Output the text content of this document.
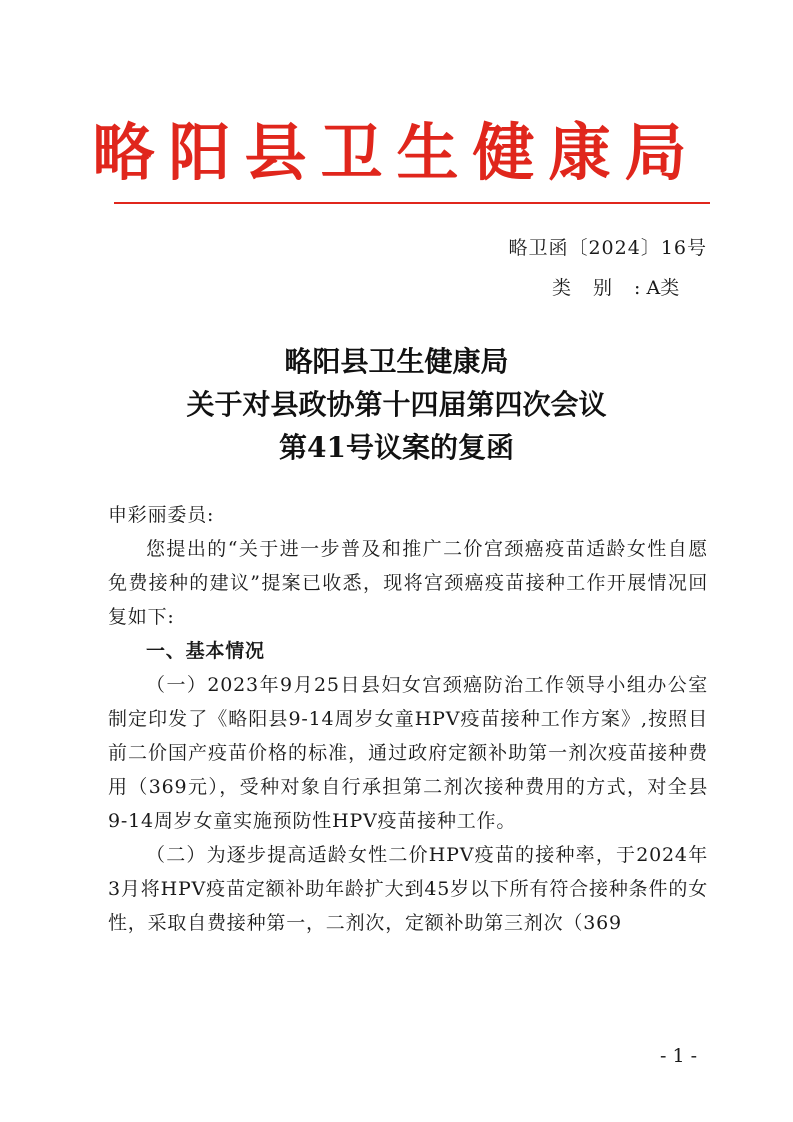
略阳县卫生健康局
略卫函〔2024〕16号
类别: A类
略阳县卫生健康局
关于对县政协第十四届第四次会议
第41号议案的复函

申彩丽委员:

您提出的“关于进一步普及和推广二价宫颈癌疫苗适龄女性自愿免费接种的建议”提案已收悉，现将宫颈癌疫苗接种工作开展情况回复如下:

一、基本情况

（一）2023年9月25日县妇女宫颈癌防治工作领导小组办公室制定印发了《略阳县9-14周岁女童HPV疫苗接种工作方案》,按照目前二价国产疫苗价格的标准，通过政府定额补助第一剂次疫苗接种费用（369元），受种对象自行承担第二剂次接种费用的方式，对全县9-14周岁女童实施预防性HPV疫苗接种工作。

（二）为逐步提高适龄女性二价HPV疫苗的接种率，于2024年3月将HPV疫苗定额补助年龄扩大到45岁以下所有符合接种条件的女性，采取自费接种第一，二剂次，定额补助第三剂次（369

- 1 -
